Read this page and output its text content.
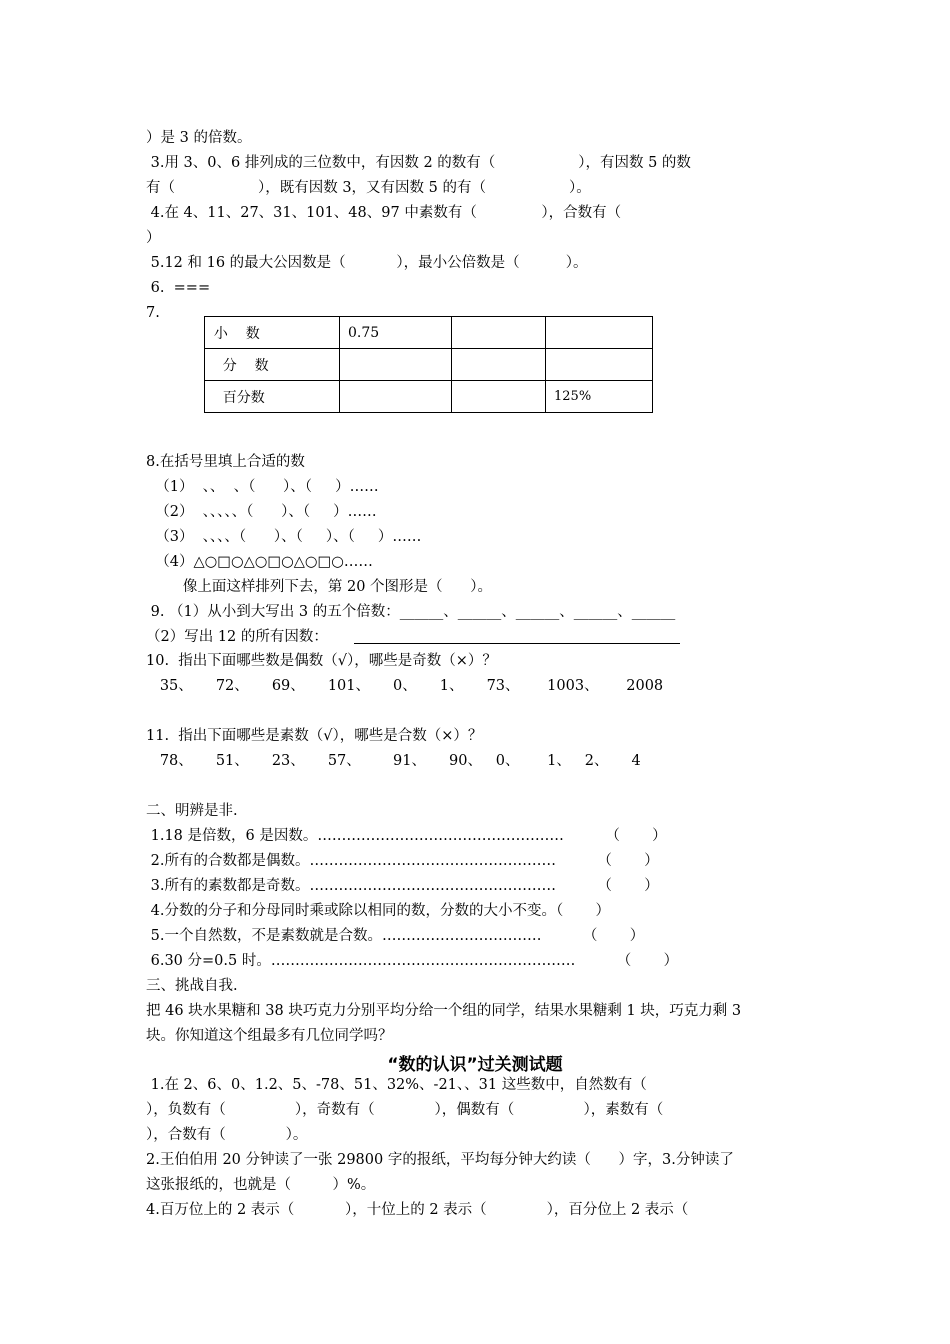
）是 3 的倍数。
3.用 3、0、6 排列成的三位数中，有因数 2 的数有（                  ），有因数 5 的数
有（                  ），既有因数 3，又有因数 5 的有（                  ）。
4.在 4、11、27、31、101、48、97 中素数有（              ），合数有（
）
5.12 和 16 的最大公因数是（           ），最小公倍数是（          ）。
6.  ===
7.
小    数	0.75		
分    数			
百分数			125%
8.在括号里填上合适的数
（1）  、、  、（      ）、（     ）……
（2）  、、、、、（      ）、（     ）……
（3）  、、、、（      ）、（     ）、（     ）……
（4）△○□○△○□○△○□○……
像上面这样排列下去，第 20 个图形是（      ）。
9. （1）从小到大写出 3 的五个倍数：______、______、______、______、______
（2）写出 12 的所有因数：
10.  指出下面哪些数是偶数（√），哪些是奇数（×）？
35、     72、     69、     101、     0、     1、     73、      1003、      2008
11.  指出下面哪些是素数（√），哪些是合数（×）？
78、     51、     23、     57、       91、     90、   0、      1、   2、     4
二、明辨是非.
1.18 是倍数，6 是因数。……………………………………………         （       ）
2.所有的合数都是偶数。……………………………………………         （       ）
3.所有的素数都是奇数。……………………………………………         （       ）
4.分数的分子和分母同时乘或除以相同的数，分数的大小不变。（       ）
5.一个自然数，不是素数就是合数。……………………………         （       ）
6.30 分=0.5 时。………………………………………………………         （       ）
三、挑战自我.
把 46 块水果糖和 38 块巧克力分别平均分给一个组的同学，结果水果糖剩 1 块，巧克力剩 3
块。你知道这个组最多有几位同学吗？
“数的认识”过关测试题
1.在 2、6、0、1.2、5、-78、51、32%、-21、、31 这些数中，自然数有（
），负数有（               ），奇数有（             ），偶数有（               ），素数有（
），合数有（             ）。
2.王伯伯用 20 分钟读了一张 29800 字的报纸，平均每分钟大约读（      ）字，3.分钟读了
这张报纸的，也就是（         ）%。
4.百万位上的 2 表示（           ），十位上的 2 表示（             ），百分位上 2 表示（
